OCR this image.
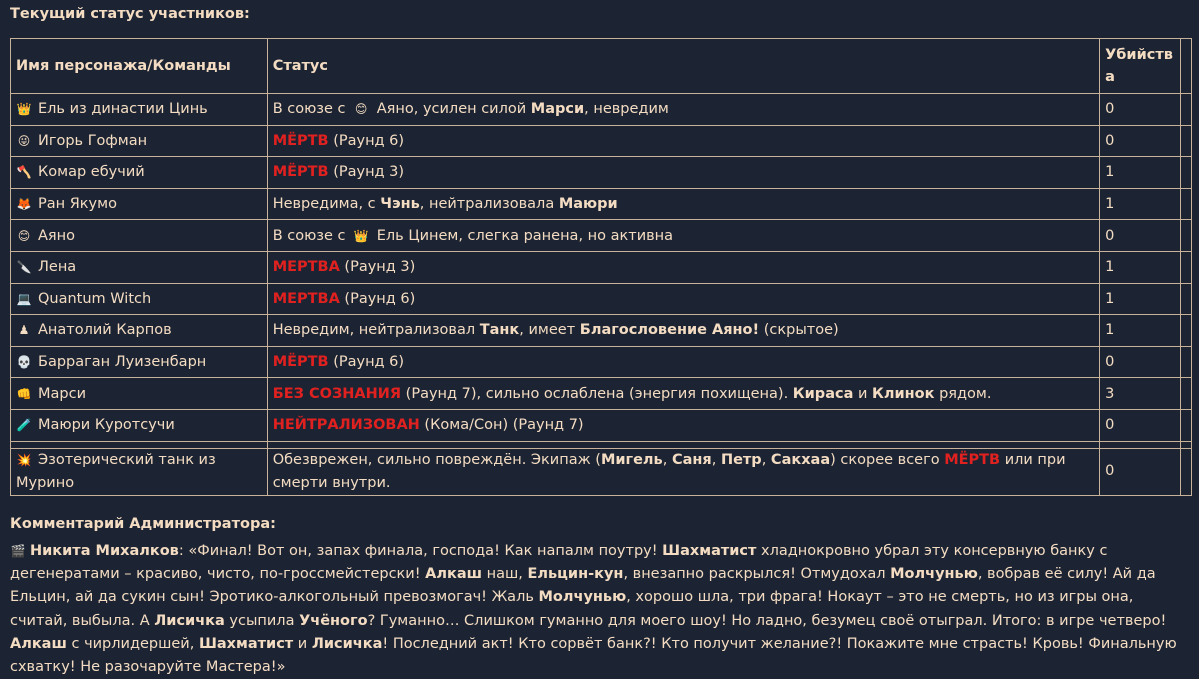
Текущий статус участников:
Имя персонажа/Команды	Статус	Убийства	
👑 Ель из династии Цинь	В союзе с 😊 Аяно, усилен силой Марси, невредим	0	
😜 Игорь Гофман	МЁРТВ (Раунд 6)	0	
🪓 Комар ебучий	МЁРТВ (Раунд 3)	1	
🦊 Ран Якумо	Невредима, с Чэнь, нейтрализовала Маюри	1	
😊 Аяно	В союзе с 👑 Ель Цинем, слегка ранена, но активна	0	
🔪 Лена	МЕРТВА (Раунд 3)	1	
💻 Quantum Witch	МЕРТВА (Раунд 6)	1	
♟ Анатолий Карпов	Невредим, нейтрализовал Танк, имеет Благословение Аяно! (скрытое)	1	
💀 Барраган Луизенбарн	МЁРТВ (Раунд 6)	0	
👊 Марси	БЕЗ СОЗНАНИЯ (Раунд 7), сильно ослаблена (энергия похищена). Кираса и Клинок рядом.	3	
🧪 Маюри Куротсучи	НЕЙТРАЛИЗОВАН (Кома/Сон) (Раунд 7)	0	

💥 Эзотерический танк из Мурино	Обезврежен, сильно повреждён. Экипаж (Мигель, Саня, Петр, Сакхаа) скорее всего МЁРТВ или при смерти внутри.	0	
Комментарий Администратора:
🎬 Никита Михалков: «Финал! Вот он, запах финала, господа! Как напалм поутру! Шахматист хладнокровно убрал эту консервную банку с дегенератами – красиво, чисто, по-гроссмейстерски! Алкаш наш, Ельцин-кун, внезапно раскрылся! Отмудохал Молчунью, вобрав её силу! Ай да Ельцин, ай да сукин сын! Эротико-алкогольный превозмогач! Жаль Молчунью, хорошо шла, три фрага! Нокаут – это не смерть, но из игры она, считай, выбыла. А Лисичка усыпила Учёного? Гуманно… Слишком гуманно для моего шоу! Но ладно, безумец своё отыграл. Итого: в игре четверо! Алкаш с чирлидершей, Шахматист и Лисичка! Последний акт! Кто сорвёт банк?! Кто получит желание?! Покажите мне страсть! Кровь! Финальную схватку! Не разочаруйте Мастера!»
